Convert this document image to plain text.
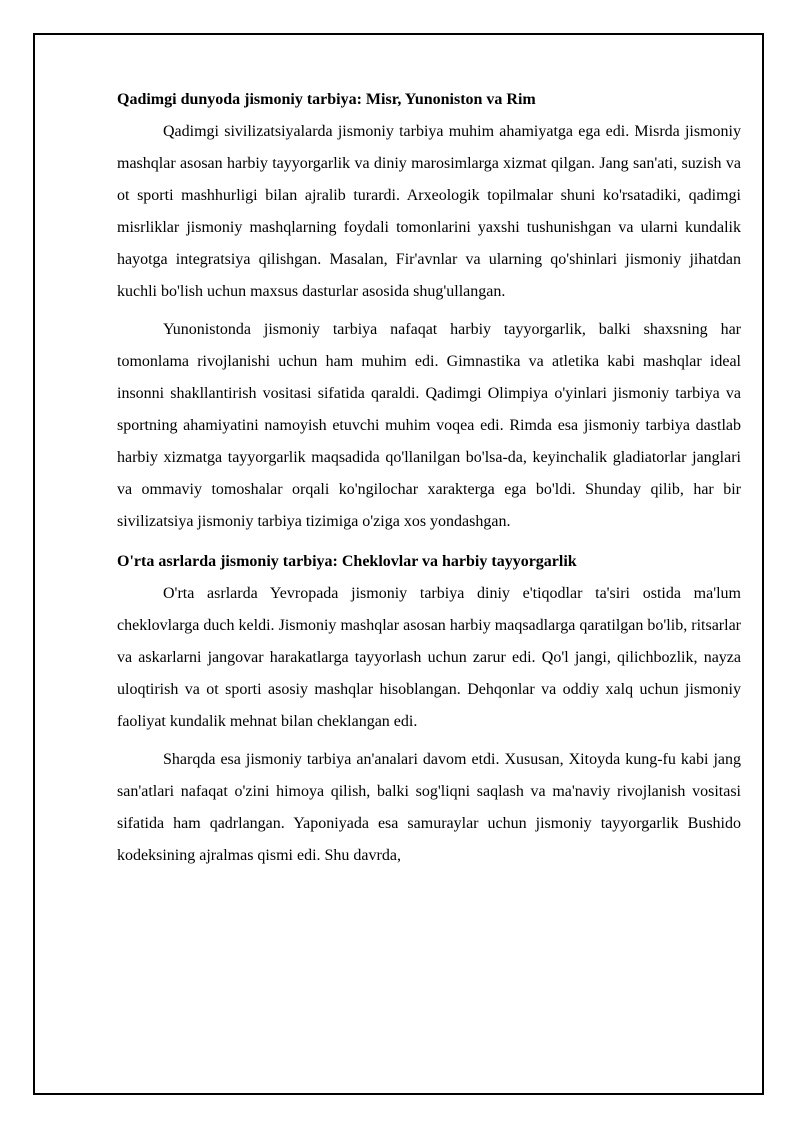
Qadimgi dunyoda jismoniy tarbiya: Misr, Yunoniston va Rim

Qadimgi sivilizatsiyalarda jismoniy tarbiya muhim ahamiyatga ega edi. Misrda jismoniy mashqlar asosan harbiy tayyorgarlik va diniy marosimlarga xizmat qilgan. Jang san'ati, suzish va ot sporti mashhurligi bilan ajralib turardi. Arxeologik topilmalar shuni ko'rsatadiki, qadimgi misrliklar jismoniy mashqlarning foydali tomonlarini yaxshi tushunishgan va ularni kundalik hayotga integratsiya qilishgan. Masalan, Fir'avnlar va ularning qo'shinlari jismoniy jihatdan kuchli bo'lish uchun maxsus dasturlar asosida shug'ullangan.

Yunonistonda jismoniy tarbiya nafaqat harbiy tayyorgarlik, balki shaxsning har tomonlama rivojlanishi uchun ham muhim edi. Gimnastika va atletika kabi mashqlar ideal insonni shakllantirish vositasi sifatida qaraldi. Qadimgi Olimpiya o'yinlari jismoniy tarbiya va sportning ahamiyatini namoyish etuvchi muhim voqea edi. Rimda esa jismoniy tarbiya dastlab harbiy xizmatga tayyorgarlik maqsadida qo'llanilgan bo'lsa-da, keyinchalik gladiatorlar janglari va ommaviy tomoshalar orqali ko'ngilochar xarakterga ega bo'ldi. Shunday qilib, har bir sivilizatsiya jismoniy tarbiya tizimiga o'ziga xos yondashgan.

O'rta asrlarda jismoniy tarbiya: Cheklovlar va harbiy tayyorgarlik

O'rta asrlarda Yevropada jismoniy tarbiya diniy e'tiqodlar ta'siri ostida ma'lum cheklovlarga duch keldi. Jismoniy mashqlar asosan harbiy maqsadlarga qaratilgan bo'lib, ritsarlar va askarlarni jangovar harakatlarga tayyorlash uchun zarur edi. Qo'l jangi, qilichbozlik, nayza uloqtirish va ot sporti asosiy mashqlar hisoblangan. Dehqonlar va oddiy xalq uchun jismoniy faoliyat kundalik mehnat bilan cheklangan edi.

Sharqda esa jismoniy tarbiya an'analari davom etdi. Xususan, Xitoyda kung-fu kabi jang san'atlari nafaqat o'zini himoya qilish, balki sog'liqni saqlash va ma'naviy rivojlanish vositasi sifatida ham qadrlangan. Yaponiyada esa samuraylar uchun jismoniy tayyorgarlik Bushido kodeksining ajralmas qismi edi. Shu davrda,
